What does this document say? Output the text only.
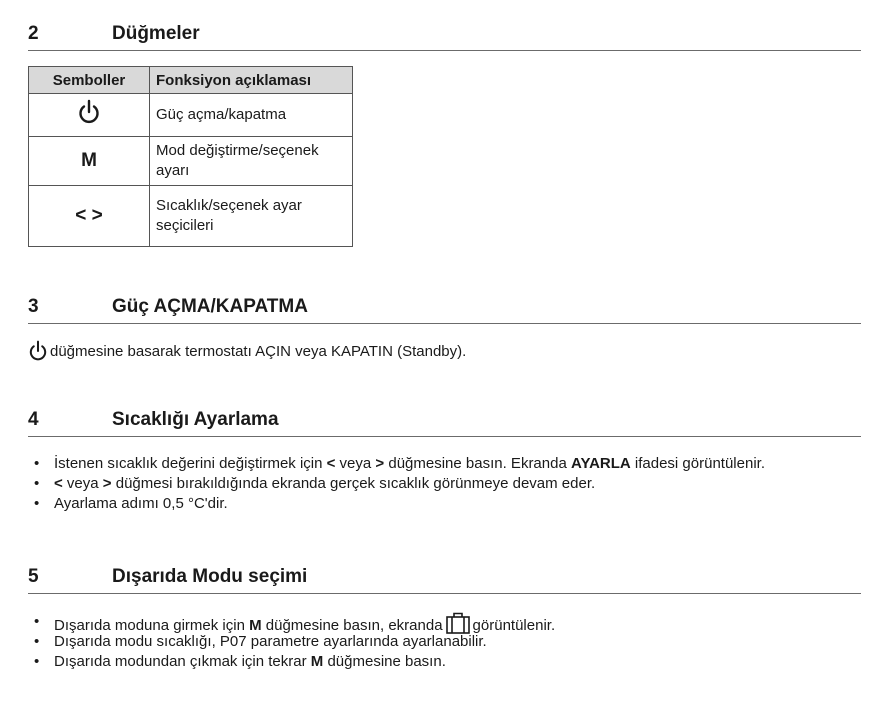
2	Düğmeler
Semboller	Fonksiyon açıklaması
	Güç açma/kapatma
M	Mod değiştirme/seçenek
ayarı
< >	Sıcaklık/seçenek ayar
seçicileri
3	Güç AÇMA/KAPATMA
düğmesine basarak termostatı AÇIN veya KAPATIN (Standby).
4	Sıcaklığı Ayarlama
• İstenen sıcaklık değerini değiştirmek için < veya > düğmesine basın. Ekranda AYARLA ifadesi görüntülenir.
• < veya > düğmesi bırakıldığında ekranda gerçek sıcaklık görünmeye devam eder.
• Ayarlama adımı 0,5 °C'dir.
5	Dışarıda Modu seçimi
• Dışarıda moduna girmek için M düğmesine basın, ekranda görüntülenir.
• Dışarıda modu sıcaklığı, P07 parametre ayarlarında ayarlanabilir.
• Dışarıda modundan çıkmak için tekrar M düğmesine basın.
